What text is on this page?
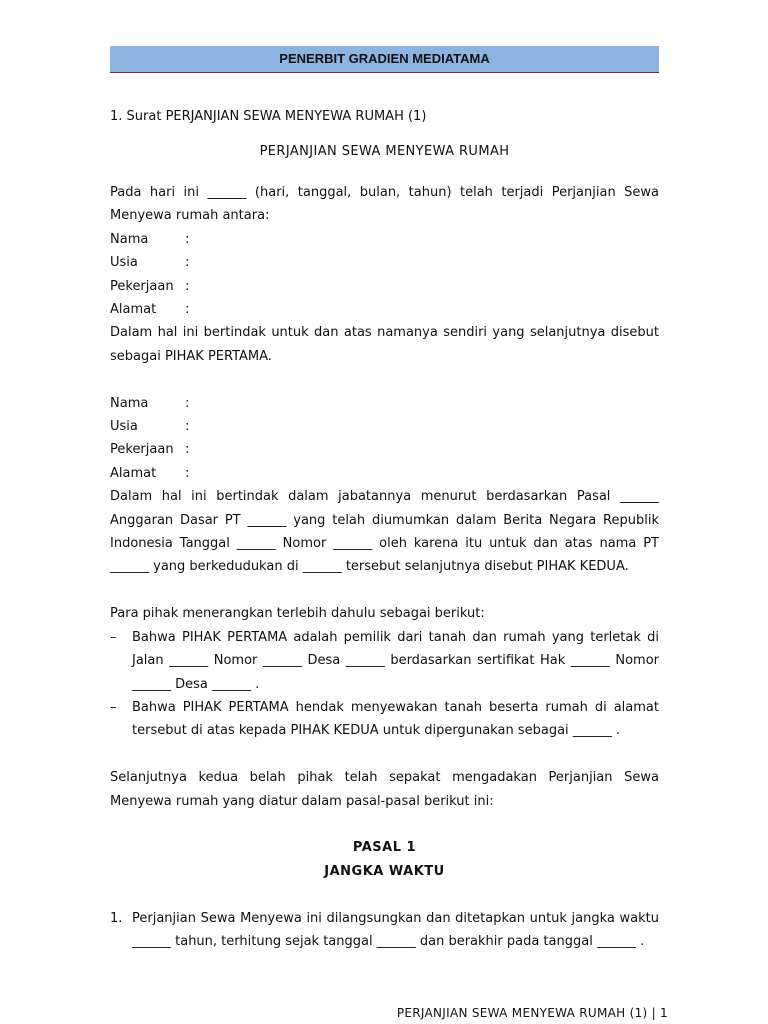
PENERBIT GRADIEN MEDIATAMA
1. Surat PERJANJIAN SEWA MENYEWA RUMAH (1)
PERJANJIAN SEWA MENYEWA RUMAH

Pada hari ini ______ (hari, tanggal, bulan, tahun) telah terjadi Perjanjian Sewa Menyewa rumah antara:

Nama	:
Usia	:
Pekerjaan :
Alamat	:

Dalam hal ini bertindak untuk dan atas namanya sendiri yang selanjutnya disebut sebagai PIHAK PERTAMA.

Nama	:
Usia	:
Pekerjaan :
Alamat	:

Dalam hal ini bertindak dalam jabatannya menurut berdasarkan Pasal ______ Anggaran Dasar PT ______ yang telah diumumkan dalam Berita Negara Republik Indonesia Tanggal ______ Nomor ______ oleh karena itu untuk dan atas nama PT ______ yang berkedudukan di ______ tersebut selanjutnya disebut PIHAK KEDUA.

Para pihak menerangkan terlebih dahulu sebagai berikut:

– Bahwa PIHAK PERTAMA adalah pemilik dari tanah dan rumah yang terletak di Jalan ______ Nomor ______ Desa ______ berdasarkan sertifikat Hak ______ Nomor ______ Desa ______ .
– Bahwa PIHAK PERTAMA hendak menyewakan tanah beserta rumah di alamat tersebut di atas kepada PIHAK KEDUA untuk dipergunakan sebagai ______ .

Selanjutnya kedua belah pihak telah sepakat mengadakan Perjanjian Sewa Menyewa rumah yang diatur dalam pasal-pasal berikut ini:

PASAL 1
JANGKA WAKTU
1. Perjanjian Sewa Menyewa ini dilangsungkan dan ditetapkan untuk jangka waktu ______ tahun, terhitung sejak tanggal ______ dan berakhir pada tanggal ______ .
PERJANJIAN SEWA MENYEWA RUMAH (1) | 1
